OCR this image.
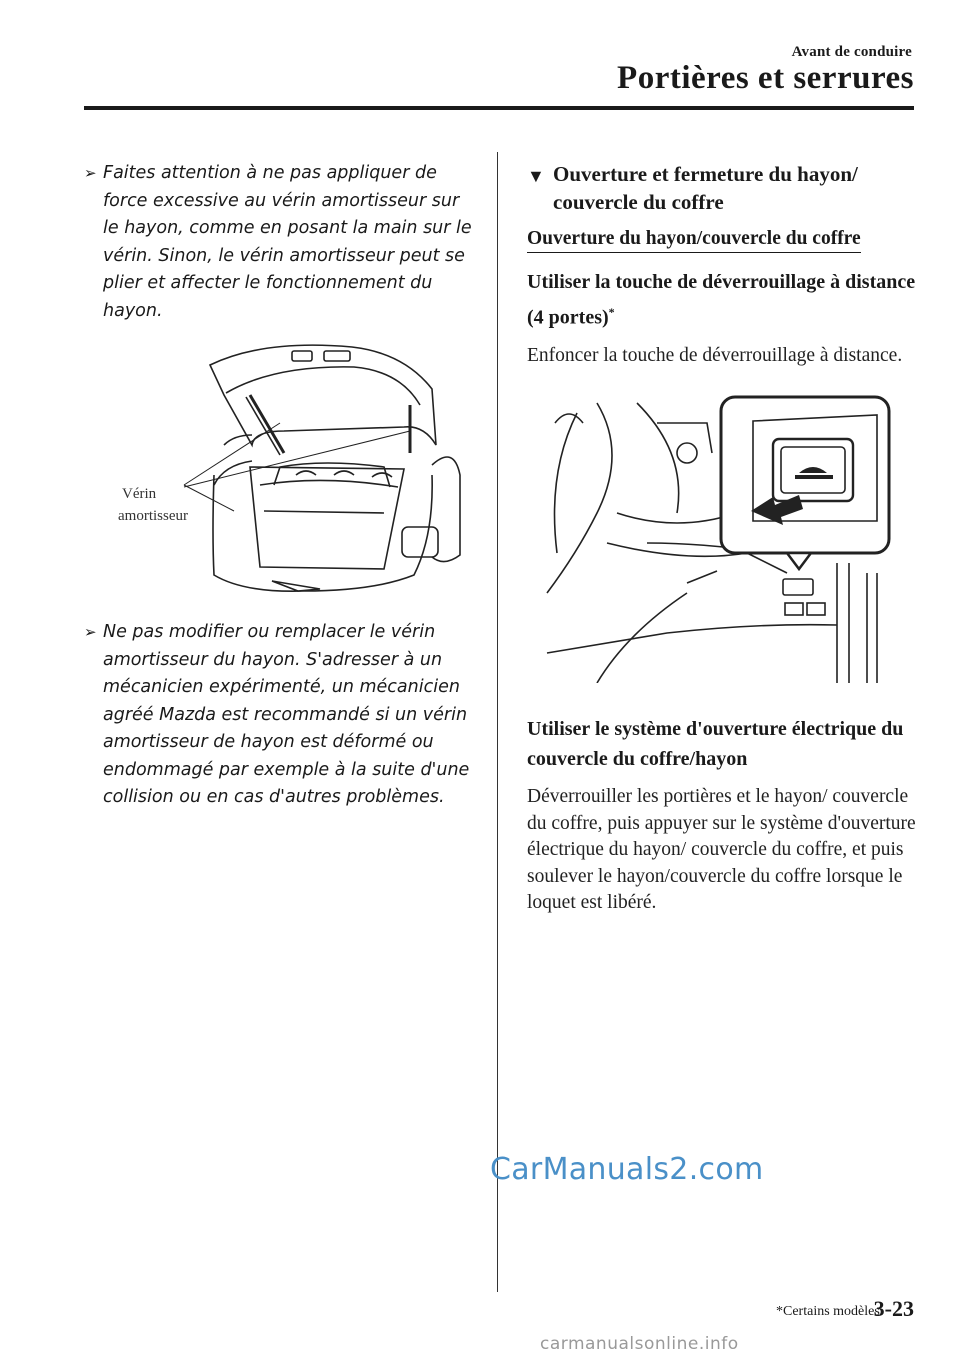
Avant de conduire
Portières et serrures
➢ Faites attention à ne pas appliquer de force excessive au vérin amortisseur sur le hayon, comme en posant la main sur le vérin. Sinon, le vérin amortisseur peut se plier et affecter le fonctionnement du hayon.
Vérin
amortisseur
➢ Ne pas modifier ou remplacer le vérin amortisseur du hayon. S'adresser à un mécanicien expérimenté, un mécanicien agréé Mazda est recommandé si un vérin amortisseur de hayon est déformé ou endommagé par exemple à la suite d'une collision ou en cas d'autres problèmes.
▼ Ouverture et fermeture du hayon/ couvercle du coffre
Ouverture du hayon/couvercle du coffre
Utiliser la touche de déverrouillage à distance (4 portes)*
Enfoncer la touche de déverrouillage à distance.
Utiliser le système d'ouverture électrique du couvercle du coffre/hayon
Déverrouiller les portières et le hayon/ couvercle du coffre, puis appuyer sur le système d'ouverture électrique du hayon/ couvercle du coffre, et puis soulever le hayon/couvercle du coffre lorsque le loquet est libéré.
CarManuals2.com
*Certains modèles.
3-23
carmanualsonline.info
